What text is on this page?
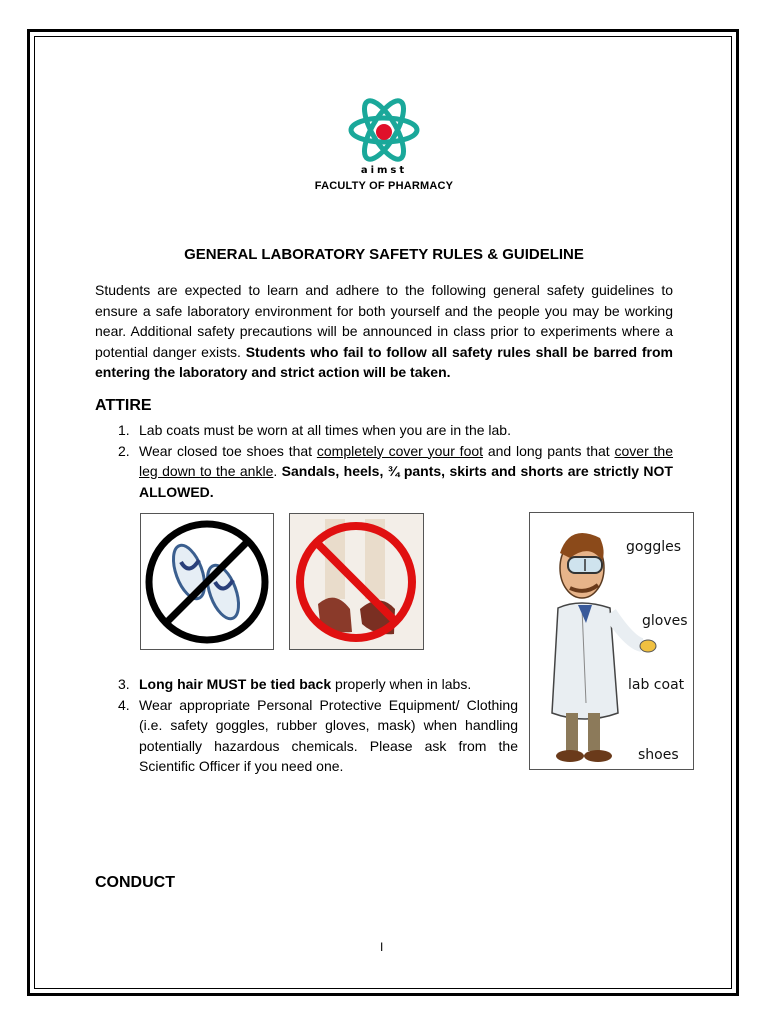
aimst
FACULTY OF PHARMACY
GENERAL LABORATORY SAFETY RULES & GUIDELINE
Students are expected to learn and adhere to the following general safety guidelines to ensure a safe laboratory environment for both yourself and the people you may be working near. Additional safety precautions will be announced in class prior to experiments where a potential danger exists. Students who fail to follow all safety rules shall be barred from entering the laboratory and strict action will be taken.
ATTIRE
1. Lab coats must be worn at all times when you are in the lab.
2. Wear closed toe shoes that completely cover your foot and long pants that cover the leg down to the ankle. Sandals, heels, ¾ pants, skirts and shorts are strictly NOT ALLOWED.
goggles
gloves
lab coat
shoes
3. Long hair MUST be tied back properly when in labs.
4. Wear appropriate Personal Protective Equipment/ Clothing (i.e. safety goggles, rubber gloves, mask) when handling potentially hazardous chemicals. Please ask from the Scientific Officer if you need one.
CONDUCT
I
